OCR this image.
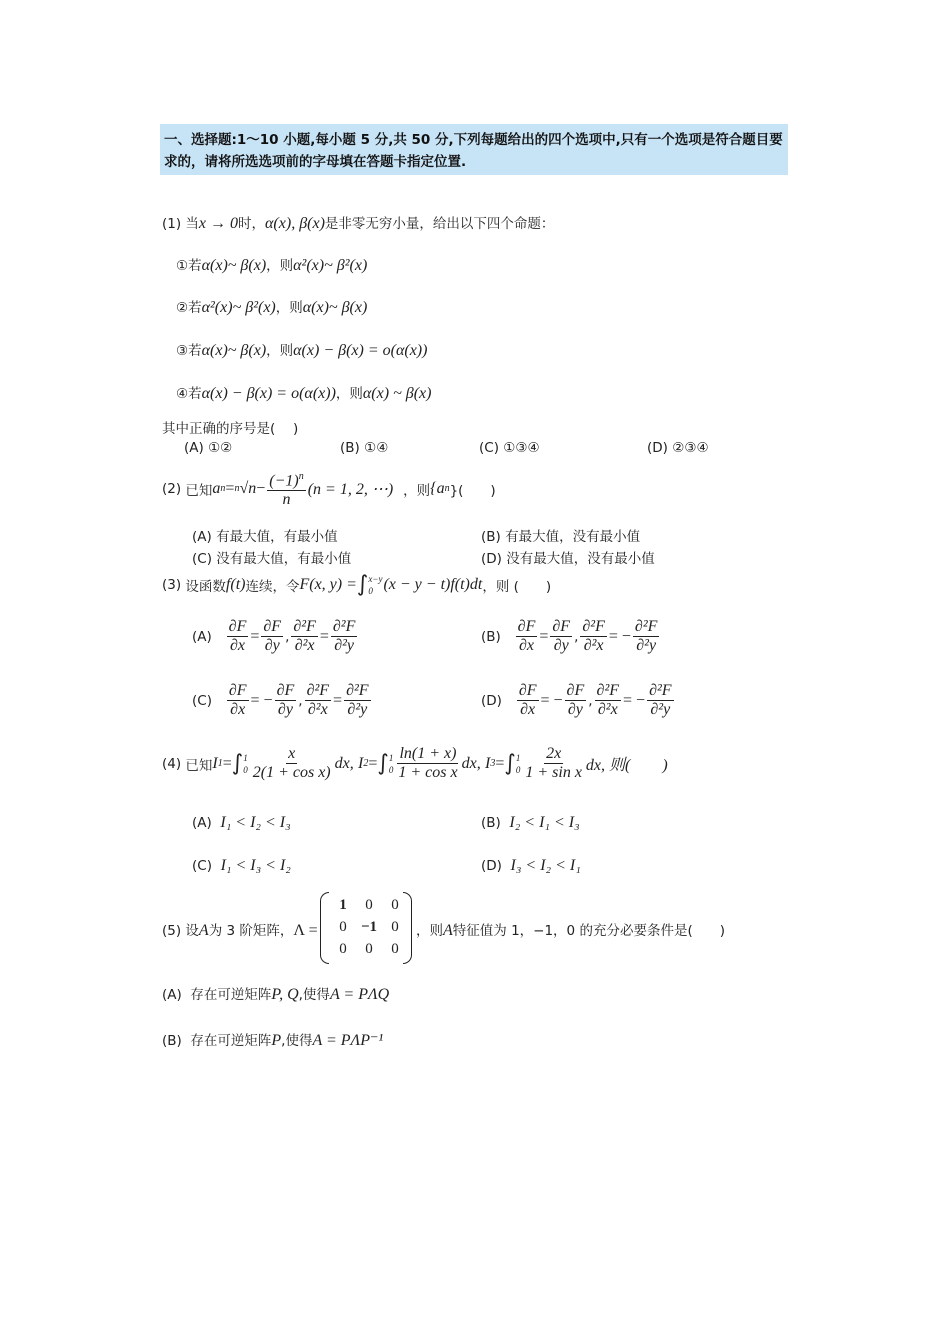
一、选择题:1～10 小题,每小题 5 分,共 50 分,下列每题给出的四个选项中,只有一个选项是符合题目要求的，请将所选选项前的字母填在答题卡指定位置.

(1) 当x → 0时，α(x), β(x)是非零无穷小量，给出以下四个命题：
①若α(x)~ β(x)，则α²(x)~ β²(x)
②若α²(x)~ β²(x)，则α(x)~ β(x)
③若α(x)~ β(x)，则α(x) − β(x) = o(α(x))
④若α(x) − β(x) = o(α(x))，则α(x) ~ β(x)
其中正确的序号是(　 )
(A) ①②	(B) ①④	(C) ①③④	(D) ②③④
(2)
已知 a n = n $√n - \frac{(-1)^n}{n} (n = 1$, 2, ⋯) ，则 {a n }(　　)
(A) 有最大值，有最小值	(B) 有最大值，没有最小值
(C) 没有最大值，有最小值	(D) 没有最大值，没有最小值
(3)
设函数 f(t) 连续，令 F(x, y) = ∫ x−y
0 (x − y − t)f(t)dt ，则 (　　)
(A)
$\frac{\partial F}{\partial x} = \frac{\partial F}{\partial y}$ , $\frac{\text{∂²F}}{\text{∂²x}} = \frac{\text{∂²F}}{\text{∂²y}}$	(B)
$\frac{\partial F}{\partial x} = \frac{\partial F}{\partial y}$ , $\frac{\text{∂²F}}{\text{∂²x}}$ = − $\frac{\text{∂²F}}{\text{∂²y}}$
(C)
$\frac{\partial F}{\partial x}$ = − $\frac{\partial F}{\partial y}$ , $\frac{\text{∂²F}}{\text{∂²x}} = \frac{\text{∂²F}}{\text{∂²y}}$	(D)
$\frac{\partial F}{\partial x}$ = − $\frac{\partial F}{\partial y}$ , $\frac{\text{∂²F}}{\text{∂²x}}$ = − $\frac{\text{∂²F}}{\text{∂²y}}$
(4)
已知 I 1 = ∫ 1
$0 \frac{x}{\text{2(1 + cos x)}}$ dx,
I 2 = ∫ 1
$0 \frac{\ln(1 + x)}{\text{1 + cos x}}$ dx,
I 3 = ∫ 1
$0 \frac{2x}{\text{1 + sin x}}$ dx, 则(　　)
(A) I₁ < I₂ < I₃	(B) I₂ < I₁ < I₃
(C) I₁ < I₃ < I₂	(D) I₃ < I₂ < I₁
(5) 设A为 3 阶矩阵，Λ =
1	0	0
0	−1	0
0	0	0
，则A特征值为 1，−1，0 的充分必要条件是(　　)
(A) 存在可逆矩阵P, Q,使得A = PΛQ
(B) 存在可逆矩阵P,使得A = PΛP⁻¹
